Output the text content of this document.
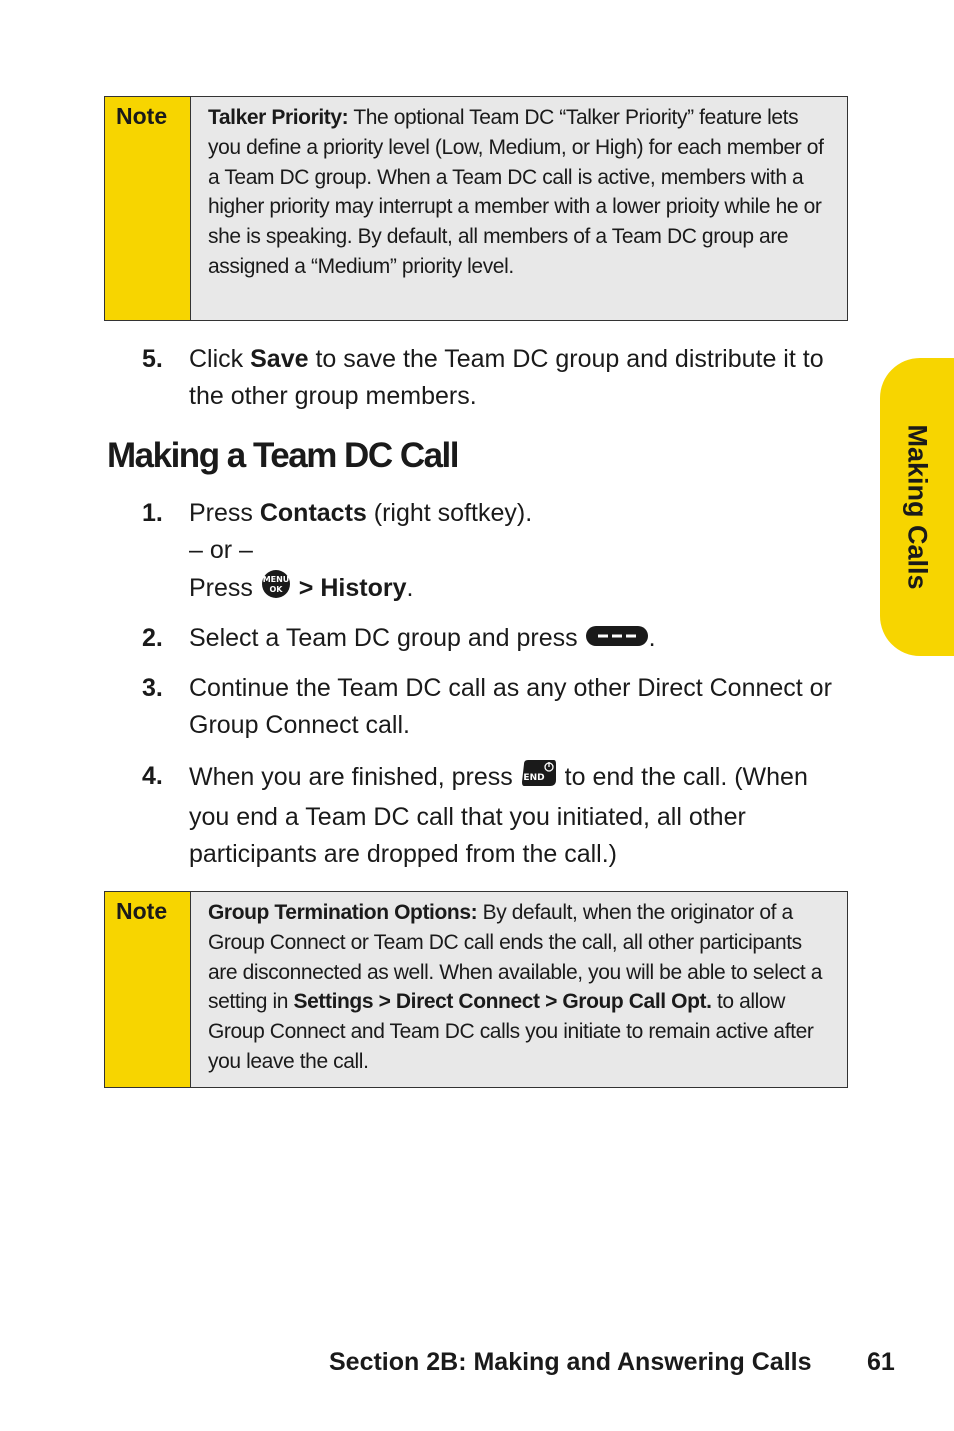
Note	Talker Priority: The optional Team DC “Talker Priority” feature lets you define a priority level (Low, Medium, or High) for each member of a Team DC group. When a Team DC call is active, members with a higher priority may interrupt a member with a lower prioity while he or she is speaking. By default, all members of a Team DC group are assigned a “Medium” priority level.
5.	Click Save to save the Team DC group and distribute it to the other group members.
Making a Team DC Call
1.	Press Contacts (right softkey).
– or –
Press MENU
OK > History.
2.	Select a Team DC group and press	.
3.	Continue the Team DC call as any other Direct Connect or Group Connect call.
4.	When you are finished, press END to end the call. (When you end a Team DC call that you initiated, all other participants are dropped from the call.)
Note	Group Termination Options: By default, when the originator of a Group Connect or Team DC call ends the call, all other participants are disconnected as well. When available, you will be able to select a setting in Settings > Direct Connect > Group Call Opt. to allow Group Connect and Team DC calls you initiate to remain active after you leave the call.
Making Calls
Section 2B: Making and Answering Calls 61
